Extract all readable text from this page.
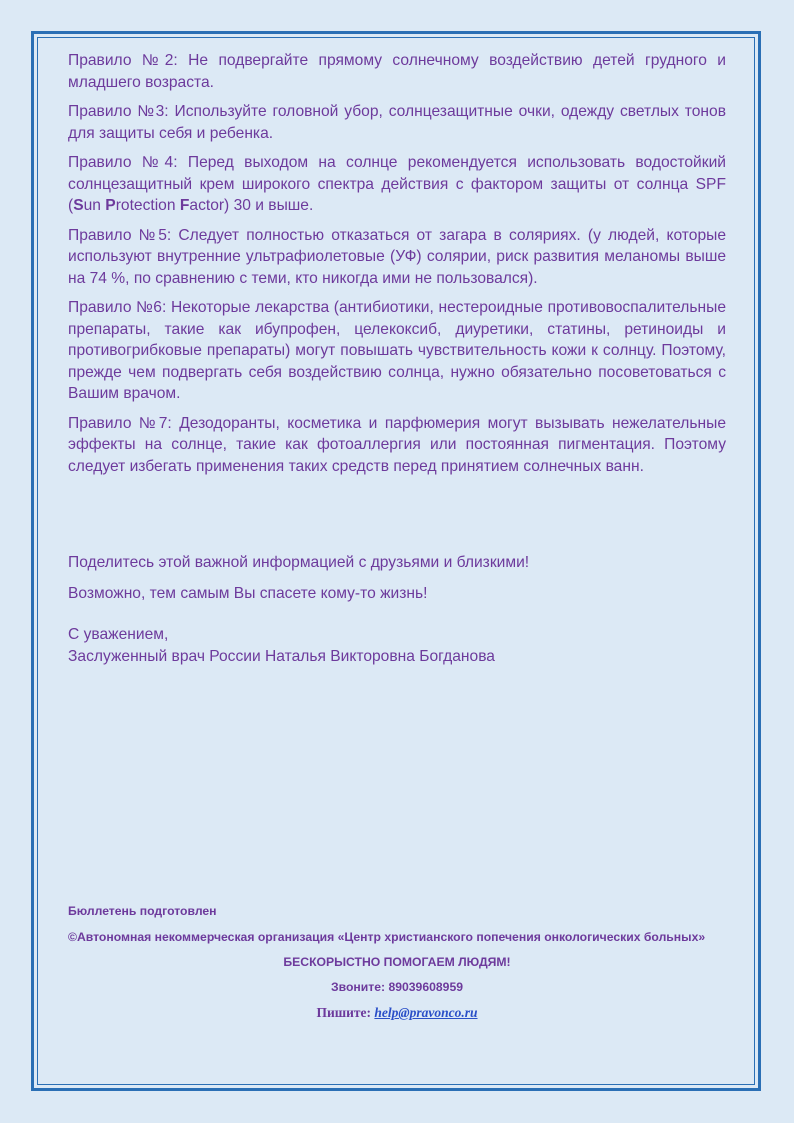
Правило №2: Не подвергайте прямому солнечному воздействию детей грудного и младшего возраста.

Правило №3: Используйте головной убор, солнцезащитные очки, одежду светлых тонов для защиты себя и ребенка.

Правило №4: Перед выходом на солнце рекомендуется использовать водостойкий солнцезащитный крем широкого спектра действия с фактором защиты от солнца SPF (Sun Protection Factor) 30 и выше.

Правило №5: Следует полностью отказаться от загара в соляриях. (у людей, которые используют внутренние ультрафиолетовые (УФ) солярии, риск развития меланомы выше на 74 %, по сравнению с теми, кто никогда ими не пользовался).

Правило №6: Некоторые лекарства (антибиотики, нестероидные противовоспалительные препараты, такие как ибупрофен, целекоксиб, диуретики, статины, ретиноиды и противогрибковые препараты) могут повышать чувствительность кожи к солнцу. Поэтому, прежде чем подвергать себя воздействию солнца, нужно обязательно посоветоваться с Вашим врачом.

Правило №7: Дезодоранты, косметика и парфюмерия могут вызывать нежелательные эффекты на солнце, такие как фотоаллергия или постоянная пигментация. Поэтому следует избегать применения таких средств перед принятием солнечных ванн.

Поделитесь этой важной информацией с друзьями и близкими!

Возможно, тем самым Вы спасете кому-то жизнь!

С уважением,
Заслуженный врач России Наталья Викторовна Богданова
Бюллетень подготовлен
©Автономная некоммерческая организация «Центр христианского попечения онкологических больных»
БЕСКОРЫСТНО ПОМОГАЕМ ЛЮДЯМ!
Звоните: 89039608959
Пишите: help@pravonco.ru
